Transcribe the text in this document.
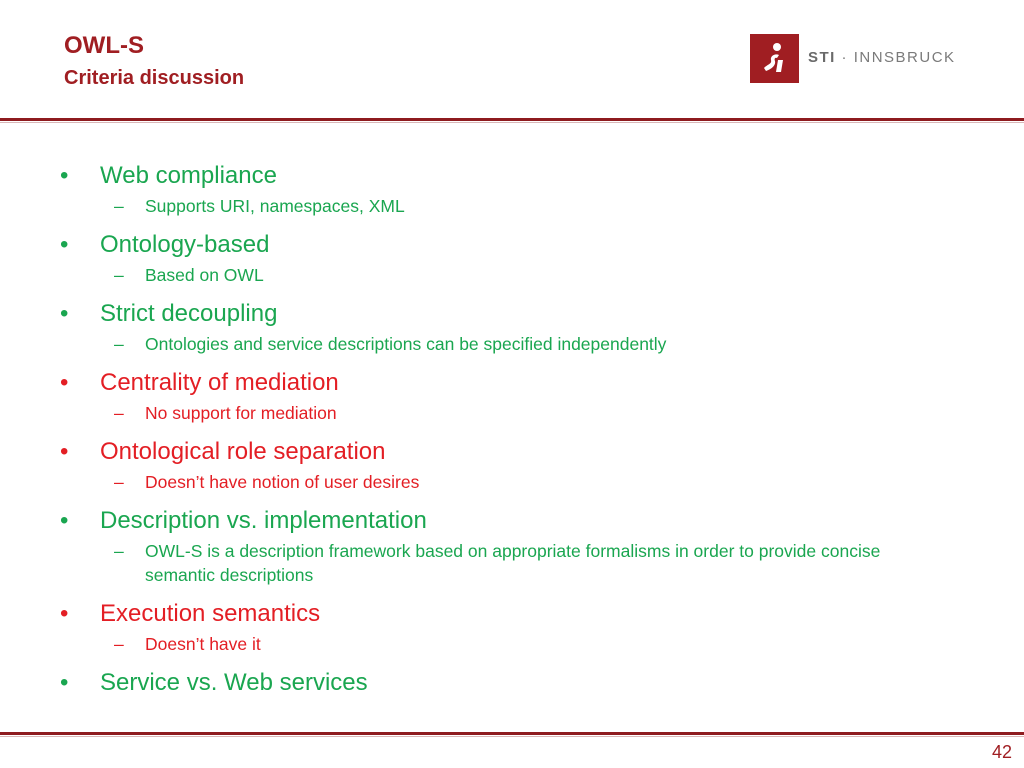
OWL-S
Criteria discussion
STI · INNSBRUCK
• Web compliance
– Supports URI, namespaces, XML
• Ontology-based
– Based on OWL
• Strict decoupling
– Ontologies and service descriptions can be specified independently
• Centrality of mediation
– No support for mediation
• Ontological role separation
– Doesn’t have notion of user desires
• Description vs. implementation
– OWL-S is a description framework based on appropriate formalisms in order to provide concise semantic descriptions
• Execution semantics
– Doesn’t have it
• Service vs. Web services
42
